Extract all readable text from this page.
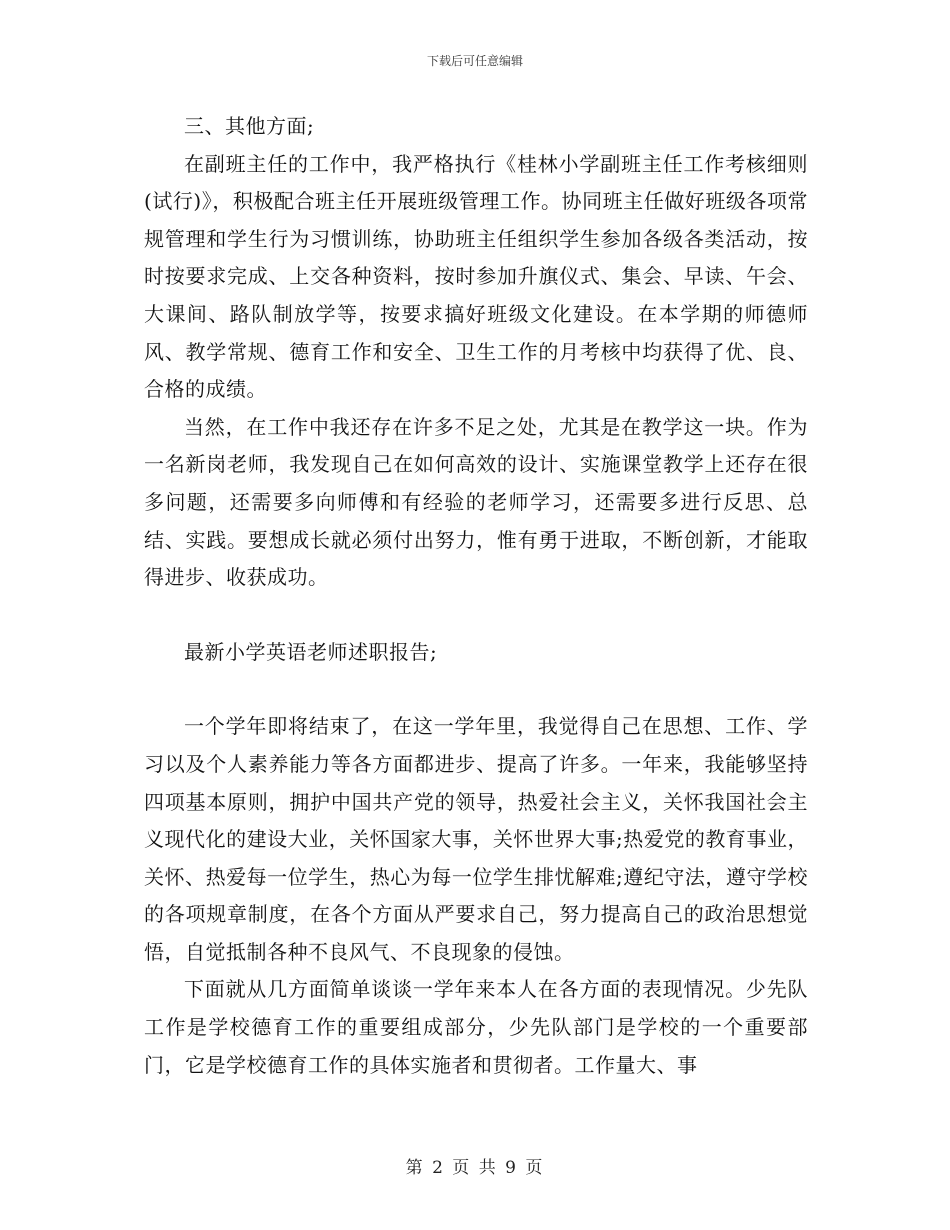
下载后可任意编辑

三、其他方面;

在副班主任的工作中，我严格执行《桂林小学副班主任工作考核细则(试行)》，积极配合班主任开展班级管理工作。协同班主任做好班级各项常规管理和学生行为习惯训练，协助班主任组织学生参加各级各类活动，按时按要求完成、上交各种资料，按时参加升旗仪式、集会、早读、午会、大课间、路队制放学等，按要求搞好班级文化建设。在本学期的师德师风、教学常规、德育工作和安全、卫生工作的月考核中均获得了优、良、合格的成绩。

当然，在工作中我还存在许多不足之处，尤其是在教学这一块。作为一名新岗老师，我发现自己在如何高效的设计、实施课堂教学上还存在很多问题，还需要多向师傅和有经验的老师学习，还需要多进行反思、总结、实践。要想成长就必须付出努力，惟有勇于进取，不断创新，才能取得进步、收获成功。

最新小学英语老师述职报告;

一个学年即将结束了，在这一学年里，我觉得自己在思想、工作、学习以及个人素养能力等各方面都进步、提高了许多。一年来，我能够坚持四项基本原则，拥护中国共产党的领导，热爱社会主义，关怀我国社会主义现代化的建设大业，关怀国家大事，关怀世界大事;热爱党的教育事业，关怀、热爱每一位学生，热心为每一位学生排忧解难;遵纪守法，遵守学校的各项规章制度，在各个方面从严要求自己，努力提高自己的政治思想觉悟，自觉抵制各种不良风气、不良现象的侵蚀。

下面就从几方面简单谈谈一学年来本人在各方面的表现情况。少先队工作是学校德育工作的重要组成部分，少先队部门是学校的一个重要部门，它是学校德育工作的具体实施者和贯彻者。工作量大、事

第 2 页 共 9 页
